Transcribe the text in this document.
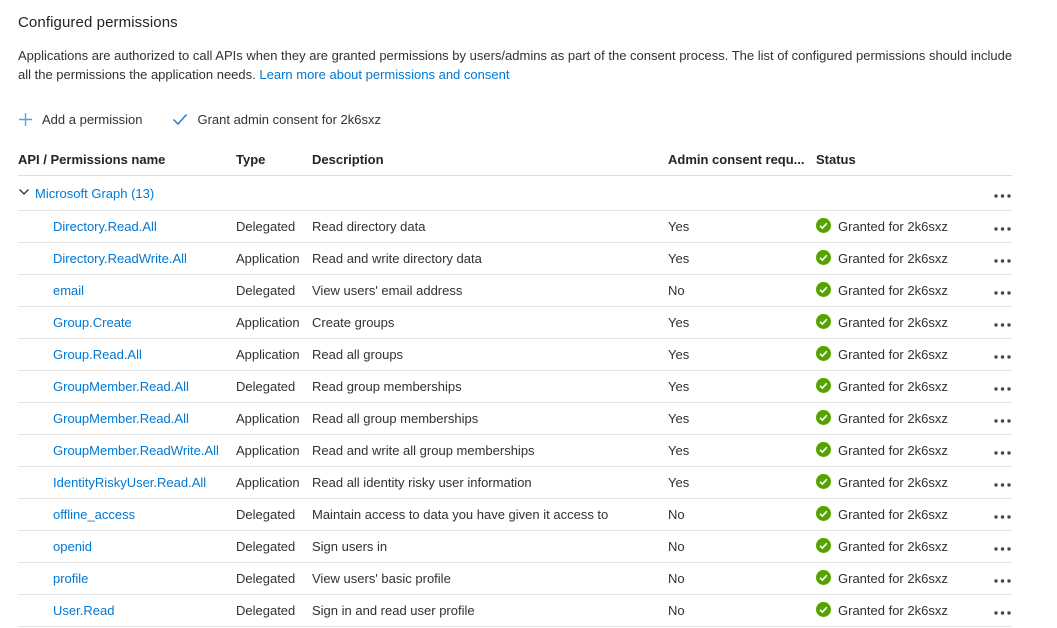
Configured permissions

Applications are authorized to call APIs when they are granted permissions by users/admins as part of the consent process. The list of configured permissions should include all the permissions the application needs. Learn more about permissions and consent

Add a permission	Grant admin consent for 2k6sxz
API / Permissions name	Type	Description	Admin consent requ... Status
Microsoft Graph (13)
Directory.Read.All	Delegated	Read directory data	Yes	Granted for 2k6sxz
Directory.ReadWrite.All	Application Read and write directory data	Yes	Granted for 2k6sxz
email	Delegated	View users' email address	No	Granted for 2k6sxz
Group.Create	Application Create groups	Yes	Granted for 2k6sxz
Group.Read.All	Application Read all groups	Yes	Granted for 2k6sxz
GroupMember.Read.All	Delegated	Read group memberships	Yes	Granted for 2k6sxz
GroupMember.Read.All	Application Read all group memberships	Yes	Granted for 2k6sxz
GroupMember.ReadWrite.All	Application Read and write all group memberships	Yes	Granted for 2k6sxz
IdentityRiskyUser.Read.All	Application Read all identity risky user information	Yes	Granted for 2k6sxz
offline_access	Delegated	Maintain access to data you have given it access to	No	Granted for 2k6sxz
openid	Delegated	Sign users in	No	Granted for 2k6sxz
profile	Delegated	View users' basic profile	No	Granted for 2k6sxz
User.Read	Delegated	Sign in and read user profile	No	Granted for 2k6sxz
